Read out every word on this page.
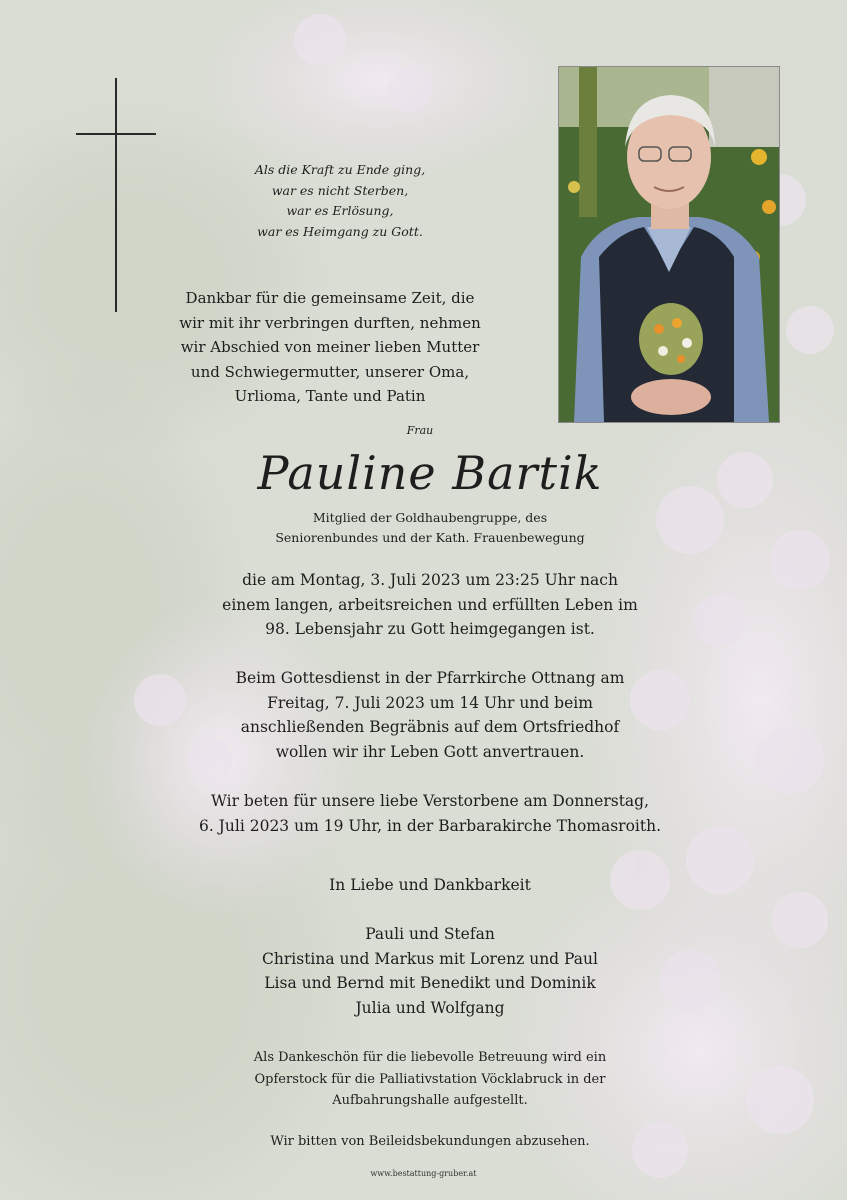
Als die Kraft zu Ende ging,
war es nicht Sterben,
war es Erlösung,
war es Heimgang zu Gott.
Dankbar für die gemeinsame Zeit, die
wir mit ihr verbringen durften, nehmen
wir Abschied von meiner lieben Mutter
und Schwiegermutter, unserer Oma,
Urlioma, Tante und Patin
Frau
Pauline Bartik
Mitglied der Goldhaubengruppe, des
Seniorenbundes und der Kath. Frauenbewegung
die am Montag, 3. Juli 2023 um 23:25 Uhr nach
einem langen, arbeitsreichen und erfüllten Leben im
98. Lebensjahr zu Gott heimgegangen ist.
Beim Gottesdienst in der Pfarrkirche Ottnang am
Freitag, 7. Juli 2023 um 14 Uhr und beim
anschließenden Begräbnis auf dem Ortsfriedhof
wollen wir ihr Leben Gott anvertrauen.
Wir beten für unsere liebe Verstorbene am Donnerstag,
6. Juli 2023 um 19 Uhr, in der Barbarakirche Thomasroith.
In Liebe und Dankbarkeit
Pauli und Stefan
Christina und Markus mit Lorenz und Paul
Lisa und Bernd mit Benedikt und Dominik
Julia und Wolfgang
Als Dankeschön für die liebevolle Betreuung wird ein
Opferstock für die Palliativstation Vöcklabruck in der
Aufbahrungshalle aufgestellt.
Wir bitten von Beileidsbekundungen abzusehen.
www.bestattung-gruber.at
